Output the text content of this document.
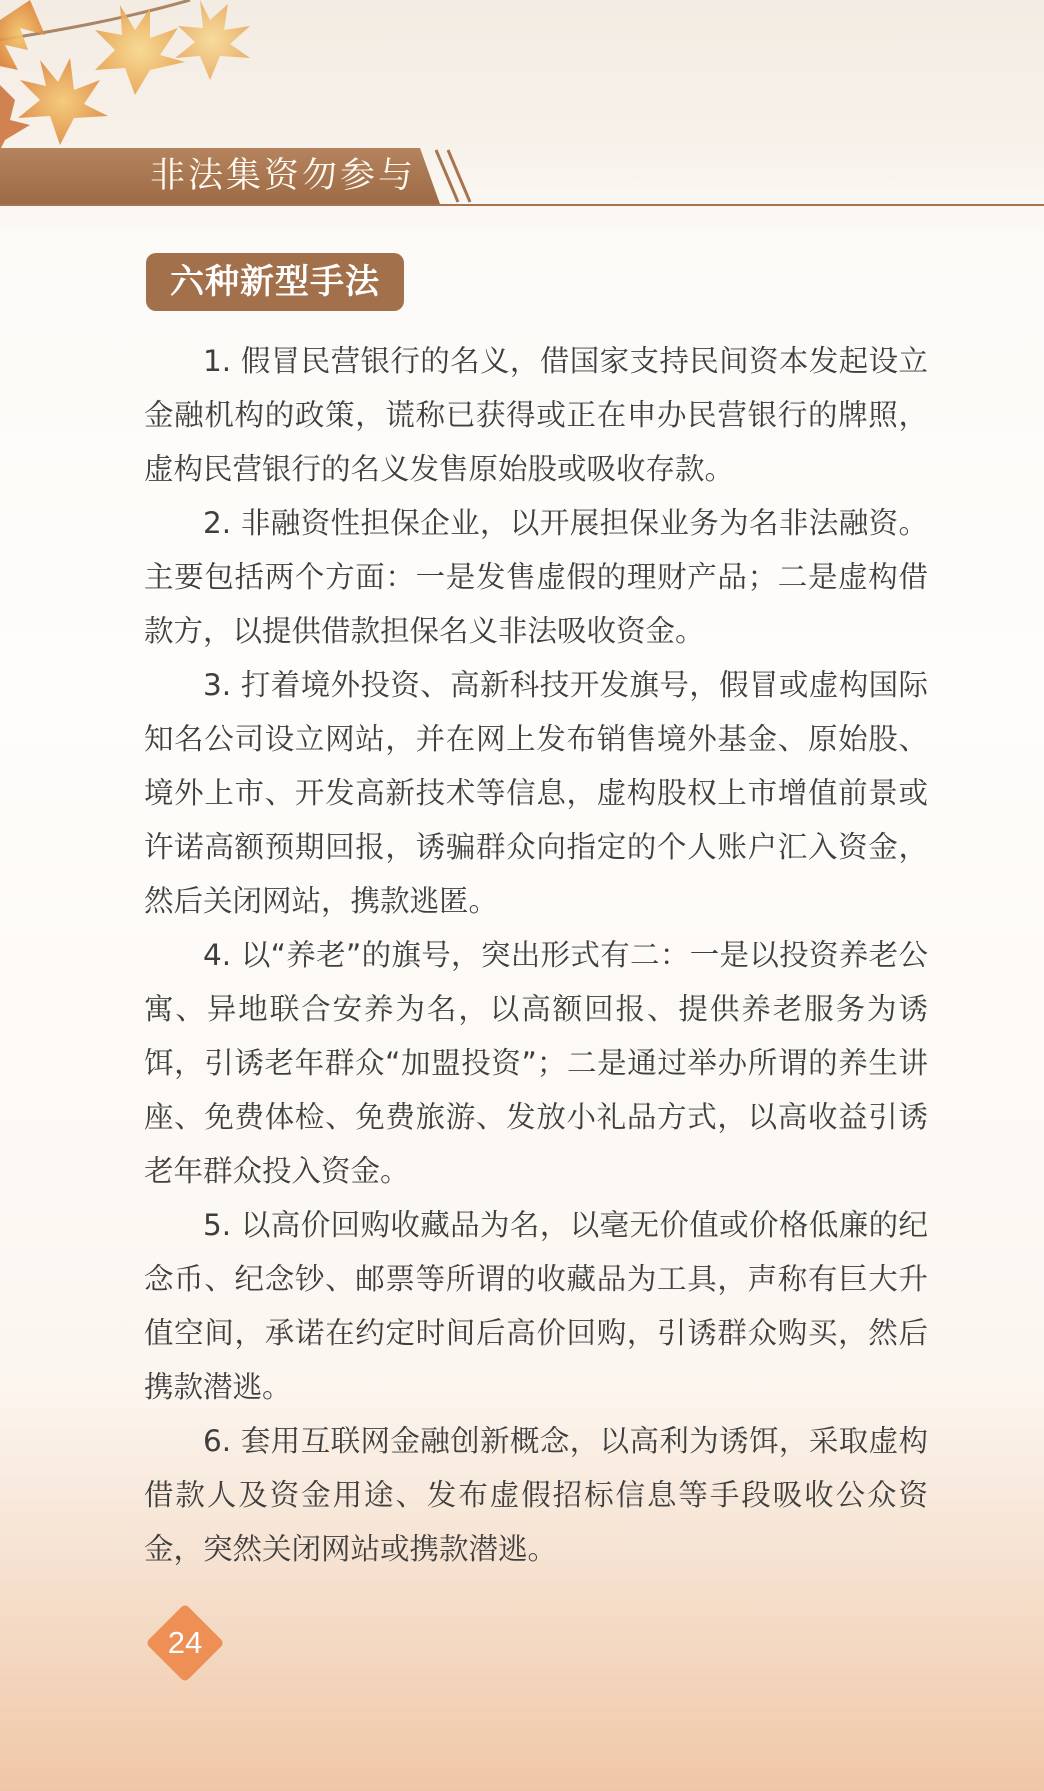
非法集资勿参与
六种新型手法

1. 假冒民营银行的名义，借国家支持民间资本发起设立金融机构的政策，谎称已获得或正在申办民营银行的牌照，虚构民营银行的名义发售原始股或吸收存款。

2. 非融资性担保企业，以开展担保业务为名非法融资。主要包括两个方面：一是发售虚假的理财产品；二是虚构借款方，以提供借款担保名义非法吸收资金。

3. 打着境外投资、高新科技开发旗号，假冒或虚构国际知名公司设立网站，并在网上发布销售境外基金、原始股、境外上市、开发高新技术等信息，虚构股权上市增值前景或许诺高额预期回报，诱骗群众向指定的个人账户汇入资金，然后关闭网站，携款逃匿。

4. 以“养老”的旗号，突出形式有二：一是以投资养老公寓、异地联合安养为名，以高额回报、提供养老服务为诱饵，引诱老年群众“加盟投资”；二是通过举办所谓的养生讲座、免费体检、免费旅游、发放小礼品方式，以高收益引诱老年群众投入资金。

5. 以高价回购收藏品为名，以毫无价值或价格低廉的纪念币、纪念钞、邮票等所谓的收藏品为工具，声称有巨大升值空间，承诺在约定时间后高价回购，引诱群众购买，然后携款潜逃。

6. 套用互联网金融创新概念，以高利为诱饵，采取虚构借款人及资金用途、发布虚假招标信息等手段吸收公众资金，突然关闭网站或携款潜逃。

24
